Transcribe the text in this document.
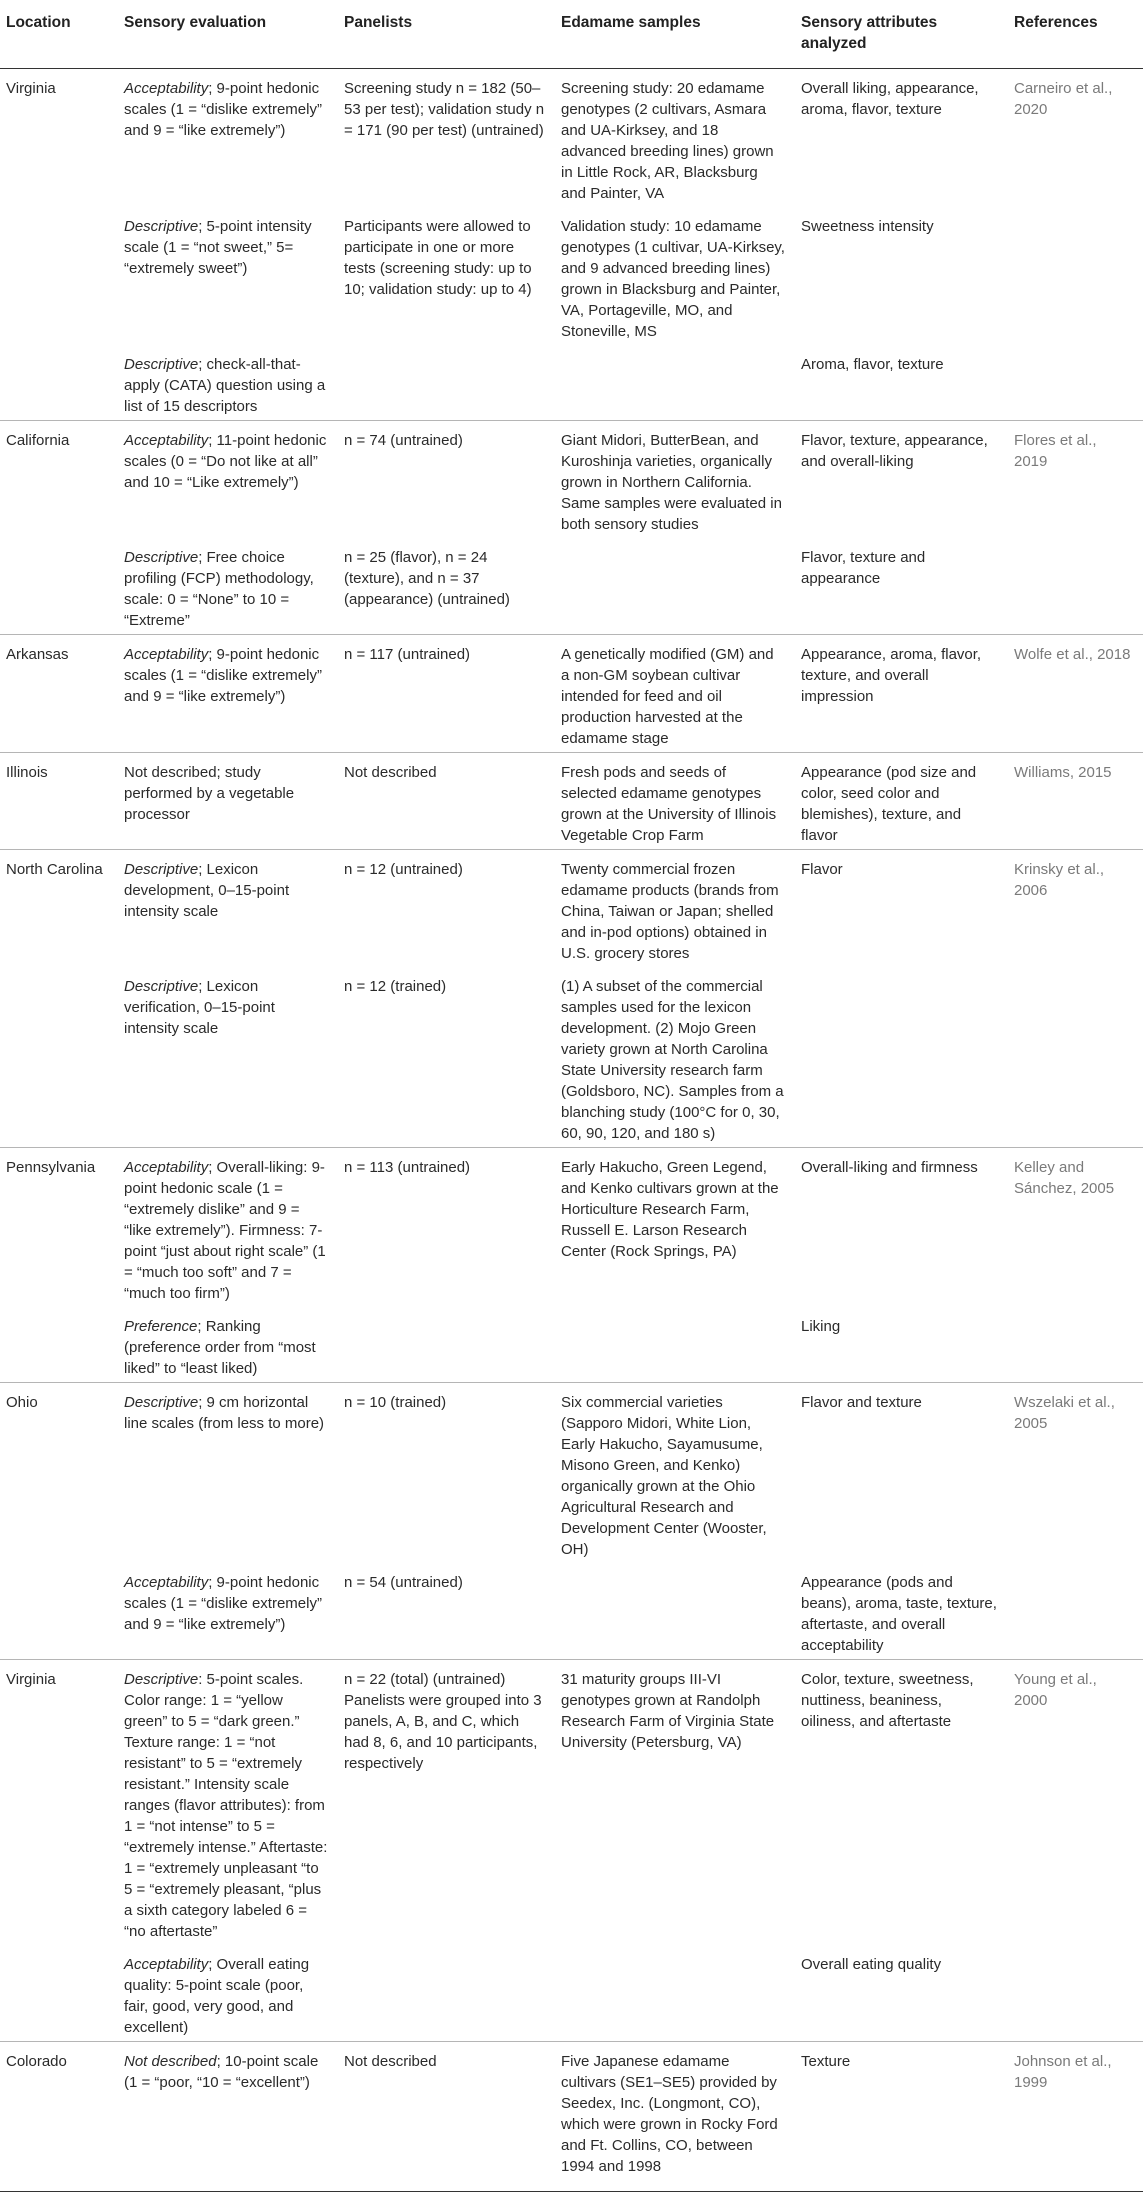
Location	Sensory evaluation	Panelists	Edamame samples	Sensory attributes analyzed	References

Virginia	Acceptability; 9-point hedonic scales (1 = “dislike extremely” and 9 = “like extremely”)	Screening study n = 182 (50–53 per test); validation study n = 171 (90 per test) (untrained)	Screening study: 20 edamame genotypes (2 cultivars, Asmara and UA-Kirksey, and 18 advanced breeding lines) grown in Little Rock, AR, Blacksburg and Painter, VA	Overall liking, appearance, aroma, flavor, texture	Carneiro et al., 2020

	Descriptive; 5-point intensity scale (1 = “not sweet,” 5= “extremely sweet”)	Participants were allowed to participate in one or more tests (screening study: up to 10; validation study: up to 4)	Validation study: 10 edamame genotypes (1 cultivar, UA-Kirksey, and 9 advanced breeding lines) grown in Blacksburg and Painter, VA, Portageville, MO, and Stoneville, MS	Sweetness intensity	

	Descriptive; check-all-that-apply (CATA) question using a list of 15 descriptors			Aroma, flavor, texture	

California	Acceptability; 11-point hedonic scales (0 = “Do not like at all” and 10 = “Like extremely”)	n = 74 (untrained)	Giant Midori, ButterBean, and Kuroshinja varieties, organically grown in Northern California. Same samples were evaluated in both sensory studies	Flavor, texture, appearance, and overall-liking	Flores et al., 2019

	Descriptive; Free choice profiling (FCP) methodology, scale: 0 = “None” to 10 = “Extreme”	n = 25 (flavor), n = 24 (texture), and n = 37 (appearance) (untrained)		Flavor, texture and appearance	

Arkansas	Acceptability; 9-point hedonic scales (1 = “dislike extremely” and 9 = “like extremely”)	n = 117 (untrained)	A genetically modified (GM) and a non-GM soybean cultivar intended for feed and oil production harvested at the edamame stage	Appearance, aroma, flavor, texture, and overall impression	Wolfe et al., 2018

Illinois	Not described; study performed by a vegetable processor	Not described	Fresh pods and seeds of selected edamame genotypes grown at the University of Illinois Vegetable Crop Farm	Appearance (pod size and color, seed color and blemishes), texture, and flavor	Williams, 2015

North Carolina	Descriptive; Lexicon development, 0–15-point intensity scale	n = 12 (untrained)	Twenty commercial frozen edamame products (brands from China, Taiwan or Japan; shelled and in-pod options) obtained in U.S. grocery stores	Flavor	Krinsky et al., 2006

	Descriptive; Lexicon verification, 0–15-point intensity scale	n = 12 (trained)	(1) A subset of the commercial samples used for the lexicon development. (2) Mojo Green variety grown at North Carolina State University research farm (Goldsboro, NC). Samples from a blanching study (100°C for 0, 30, 60, 90, 120, and 180 s)		

Pennsylvania	Acceptability; Overall-liking: 9-point hedonic scale (1 = “extremely dislike” and 9 = “like extremely”). Firmness: 7-point “just about right scale” (1 = “much too soft” and 7 = “much too firm”)	n = 113 (untrained)	Early Hakucho, Green Legend, and Kenko cultivars grown at the Horticulture Research Farm, Russell E. Larson Research Center (Rock Springs, PA)	Overall-liking and firmness	Kelley and Sánchez, 2005

	Preference; Ranking (preference order from “most liked” to “least liked)			Liking	

Ohio	Descriptive; 9 cm horizontal line scales (from less to more)	n = 10 (trained)	Six commercial varieties (Sapporo Midori, White Lion, Early Hakucho, Sayamusume, Misono Green, and Kenko) organically grown at the Ohio Agricultural Research and Development Center (Wooster, OH)	Flavor and texture	Wszelaki et al., 2005

	Acceptability; 9-point hedonic scales (1 = “dislike extremely” and 9 = “like extremely”)	n = 54 (untrained)		Appearance (pods and beans), aroma, taste, texture, aftertaste, and overall acceptability	

Virginia	Descriptive: 5-point scales. Color range: 1 = “yellow green” to 5 = “dark green.” Texture range: 1 = “not resistant” to 5 = “extremely resistant.” Intensity scale ranges (flavor attributes): from 1 = “not intense” to 5 = “extremely intense.” Aftertaste: 1 = “extremely unpleasant “to 5 = “extremely pleasant, “plus a sixth category labeled 6 = “no aftertaste”	n = 22 (total) (untrained) Panelists were grouped into 3 panels, A, B, and C, which had 8, 6, and 10 participants, respectively	31 maturity groups III-VI genotypes grown at Randolph Research Farm of Virginia State University (Petersburg, VA)	Color, texture, sweetness, nuttiness, beaniness, oiliness, and aftertaste	Young et al., 2000

	Acceptability; Overall eating quality: 5-point scale (poor, fair, good, very good, and excellent)			Overall eating quality	

Colorado	Not described; 10-point scale (1 = “poor, “10 = “excellent”)	Not described	Five Japanese edamame cultivars (SE1–SE5) provided by Seedex, Inc. (Longmont, CO), which were grown in Rocky Ford and Ft. Collins, CO, between 1994 and 1998	Texture	Johnson et al., 1999
